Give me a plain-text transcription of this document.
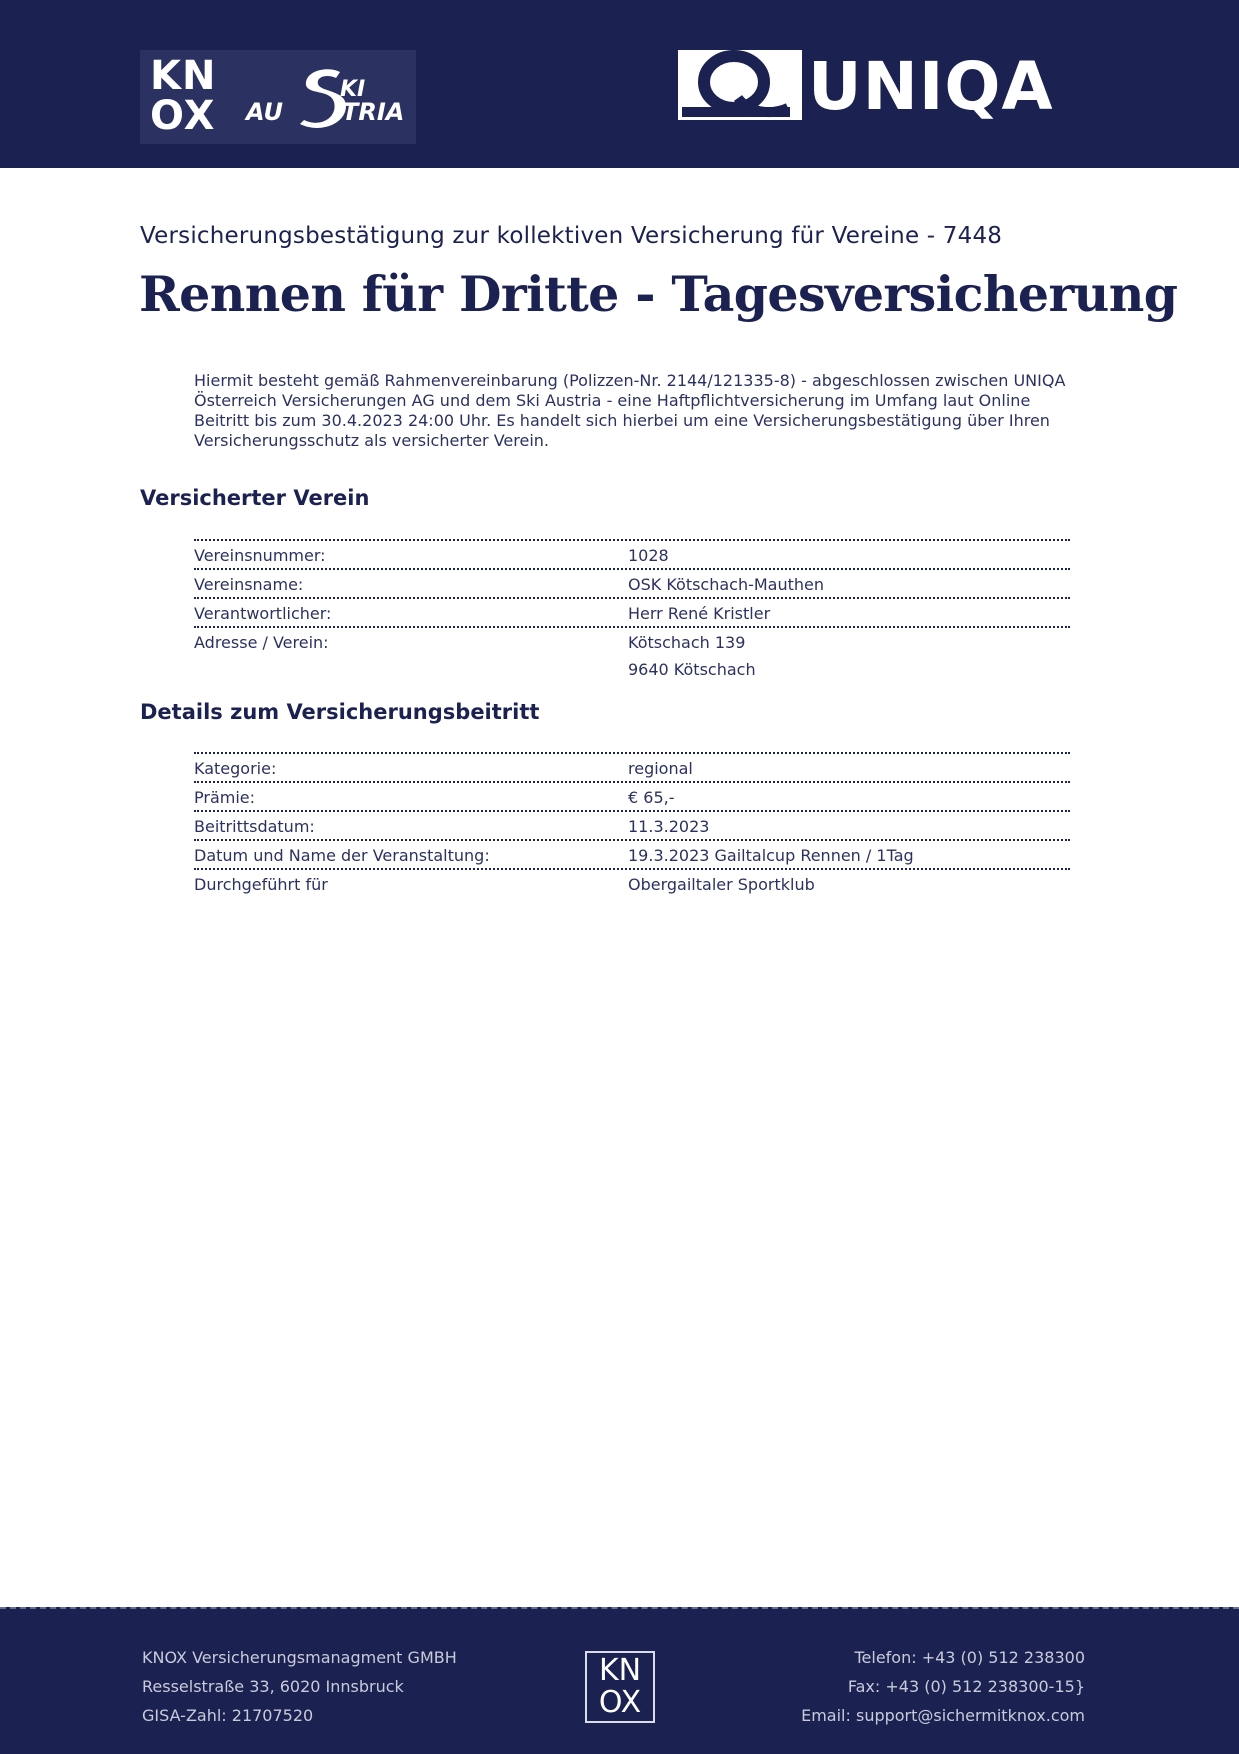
KN
OX
KI
AU TRIA	UNIQA
Versicherungsbestätigung zur kollektiven Versicherung für Vereine - 7448
Rennen für Dritte - Tagesversicherung

Hiermit besteht gemäß Rahmenvereinbarung (Polizzen-Nr. 2144/121335-8) - abgeschlossen zwischen UNIQA Österreich Versicherungen AG und dem Ski Austria - eine Haftpflichtversicherung im Umfang laut Online Beitritt bis zum 30.4.2023 24:00 Uhr. Es handelt sich hierbei um eine Versicherungsbestätigung über Ihren Versicherungsschutz als versicherter Verein.

Versicherter Verein
Vereinsnummer:	1028
Vereinsname:	OSK Kötschach-Mauthen
Verantwortlicher:	Herr René Kristler
Adresse / Verein:	Kötschach 139
9640 Kötschach
Details zum Versicherungsbeitritt
Kategorie:	regional
Prämie:	€ 65,-
Beitrittsdatum:	11.3.2023
Datum und Name der Veranstaltung:	19.3.2023 Gailtalcup Rennen / 1Tag
Durchgeführt für	Obergailtaler Sportklub
KNOX Versicherungsmanagment GMBH
Resselstraße 33, 6020 Innsbruck
GISA-Zahl: 21707520
KN
OX
Telefon: +43 (0) 512 238300
Fax: +43 (0) 512 238300-15}
Email: support@sichermitknox.com
